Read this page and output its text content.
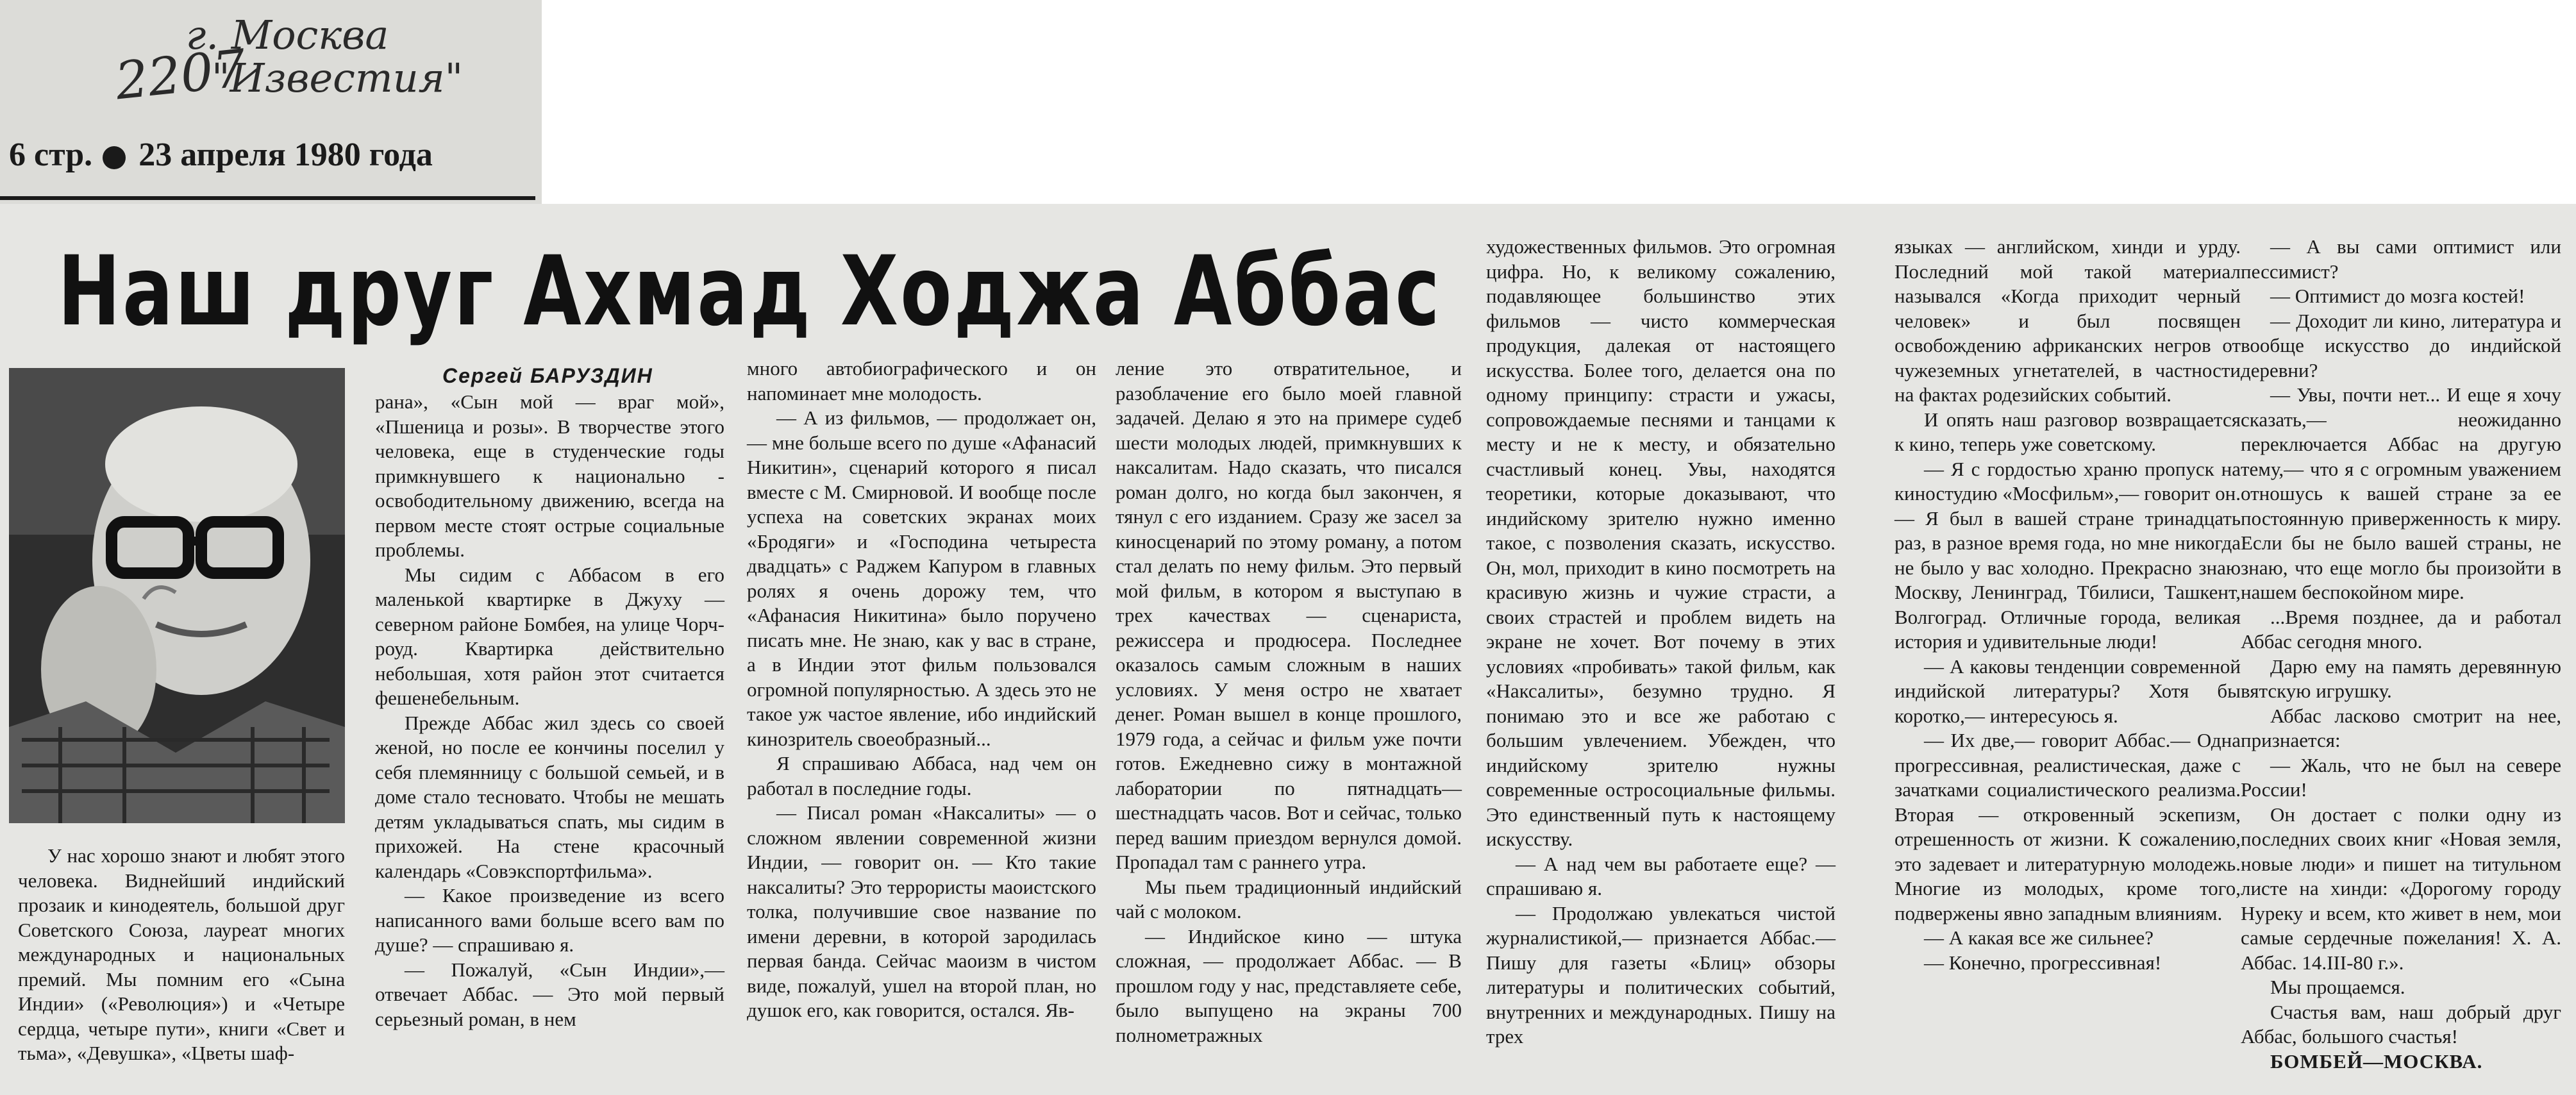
г. Москва
"Известия"
2207
6 стр. 23 апреля 1980 года
Наш друг Ахмад Ходжа Аббас
Сергей БАРУЗДИН

У нас хорошо знают и любят этого человека. Виднейший индийский прозаик и кинодеятель, большой друг Советского Союза, лауреат многих международных и национальных премий. Мы помним его «Сына Индии» («Революция») и «Четыре сердца, четыре пути», книги «Свет и тьма», «Девушка», «Цветы шаф-

рана», «Сын мой — враг мой», «Пшеница и розы». В творчестве этого человека, еще в студенческие годы примкнувшего к национально - освободительному движению, всегда на первом месте стоят острые социальные проблемы.

Мы сидим с Аббасом в его маленькой квартирке в Джуху — северном районе Бомбея, на улице Чорч-роуд. Квартирка действительно небольшая, хотя район этот считается фешенебельным.

Прежде Аббас жил здесь со своей женой, но после ее кончины поселил у себя племянницу с большой семьей, и в доме стало тесновато. Чтобы не мешать детям укладываться спать, мы сидим в прихожей. На стене красочный календарь «Совэкспортфильма».

— Какое произведение из всего написанного вами больше всего вам по душе? — спрашиваю я.

— Пожалуй, «Сын Индии»,— отвечает Аббас. — Это мой первый серьезный роман, в нем

много автобиографического и он напоминает мне молодость.

— А из фильмов, — продолжает он, — мне больше всего по душе «Афанасий Никитин», сценарий которого я писал вместе с М. Смирновой. И вообще после успеха на советских экранах моих «Бродяги» и «Господина четыреста двадцать» с Раджем Капуром в главных ролях я очень дорожу тем, что «Афанасия Никитина» было поручено писать мне. Не знаю, как у вас в стране, а в Индии этот фильм пользовался огромной популярностью. А здесь это не такое уж частое явление, ибо индийский кинозритель своеобразный...

Я спрашиваю Аббаса, над чем он работал в последние годы.

— Писал роман «Наксалиты» — о сложном явлении современной жизни Индии, — говорит он. — Кто такие наксалиты? Это террористы маоистского толка, получившие свое название по имени деревни, в которой зародилась первая банда. Сейчас маоизм в чистом виде, пожалуй, ушел на второй план, но душок его, как говорится, остался. Яв-

ление это отвратительное, и разоблачение его было моей главной задачей. Делаю я это на примере судеб шести молодых людей, примкнувших к наксалитам. Надо сказать, что писался роман долго, но когда был закончен, я тянул с его изданием. Сразу же засел за киносценарий по этому роману, а потом стал делать по нему фильм. Это первый мой фильм, в котором я выступаю в трех качествах — сценариста, режиссера и продюсера. Последнее оказалось самым сложным в наших условиях. У меня остро не хватает денег. Роман вышел в конце прошлого, 1979 года, а сейчас и фильм уже почти готов. Ежедневно сижу в монтажной лаборатории по пятнадцать—шестнадцать часов. Вот и сейчас, только перед вашим приездом вернулся домой. Пропадал там с раннего утра.

Мы пьем традиционный индийский чай с молоком.

— Индийское кино — штука сложная, — продолжает Аббас. — В прошлом году у нас, представляете себе, было выпущено на экраны 700 полнометражных

художественных фильмов. Это огромная цифра. Но, к великому сожалению, подавляющее большинство этих фильмов — чисто коммерческая продукция, далекая от настоящего искусства. Более того, делается она по одному принципу: страсти и ужасы, сопровождаемые песнями и танцами к месту и не к месту, и обязательно счастливый конец. Увы, находятся теоретики, которые доказывают, что индийскому зрителю нужно именно такое, с позволения сказать, искусство. Он, мол, приходит в кино посмотреть на красивую жизнь и чужие страсти, а своих страстей и проблем видеть на экране не хочет. Вот почему в этих условиях «пробивать» такой фильм, как «Наксалиты», безумно трудно. Я понимаю это и все же работаю с большим увлечением. Убежден, что индийскому зрителю нужны современные остросоциальные фильмы. Это единственный путь к настоящему искусству.

— А над чем вы работаете еще? — спрашиваю я.

— Продолжаю увлекаться чистой журналистикой,— признается Аббас.— Пишу для газеты «Блиц» обзоры литературы и политических событий, внутренних и международных. Пишу на трех

языках — английском, хинди и урду. Последний мой такой материал назывался «Когда приходит черный человек» и был посвящен освобождению африканских негров от чужеземных угнетателей, в частности на фактах родезийских событий.

И опять наш разговор возвращается к кино, теперь уже советскому.

— Я с гордостью храню пропуск на киностудию «Мосфильм»,— говорит он.— Я был в вашей стране тринадцать раз, в разное время года, но мне никогда не было у вас холодно. Прекрасно знаю Москву, Ленинград, Тбилиси, Ташкент, Волгоград. Отличные города, великая история и удивительные люди!

— А каковы тенденции современной индийской литературы? Хотя бы коротко,— интересуюсь я.

— Их две,— говорит Аббас.— Одна прогрессивная, реалистическая, даже с зачатками социалистического реализма. Вторая — откровенный эскепизм, отрешенность от жизни. К сожалению, это задевает и литературную молодежь. Многие из молодых, кроме того, подвержены явно западным влияниям.

— А какая все же сильнее?

— Конечно, прогрессивная!

— А вы сами оптимист или пессимист?

— Оптимист до мозга костей!

— Доходит ли кино, литература и вообще искусство до индийской деревни?

— Увы, почти нет... И еще я хочу сказать,— неожиданно переключается Аббас на другую тему,— что я с огромным уважением отношусь к вашей стране за ее постоянную приверженность к миру. Если бы не было вашей страны, не знаю, что еще могло бы произойти в нашем беспокойном мире.

...Время позднее, да и работал Аббас сегодня много.

Дарю ему на память деревянную вятскую игрушку.

Аббас ласково смотрит на нее, признается:

— Жаль, что не был на севере России!

Он достает с полки одну из последних своих книг «Новая земля, новые люди» и пишет на титульном листе на хинди: «Дорогому городу Нуреку и всем, кто живет в нем, мои самые сердечные пожелания! Х. А. Аббас. 14.III-80 г.».

Мы прощаемся.

Счастья вам, наш добрый друг Аббас, большого счастья!

БОМБЕЙ—МОСКВА.
